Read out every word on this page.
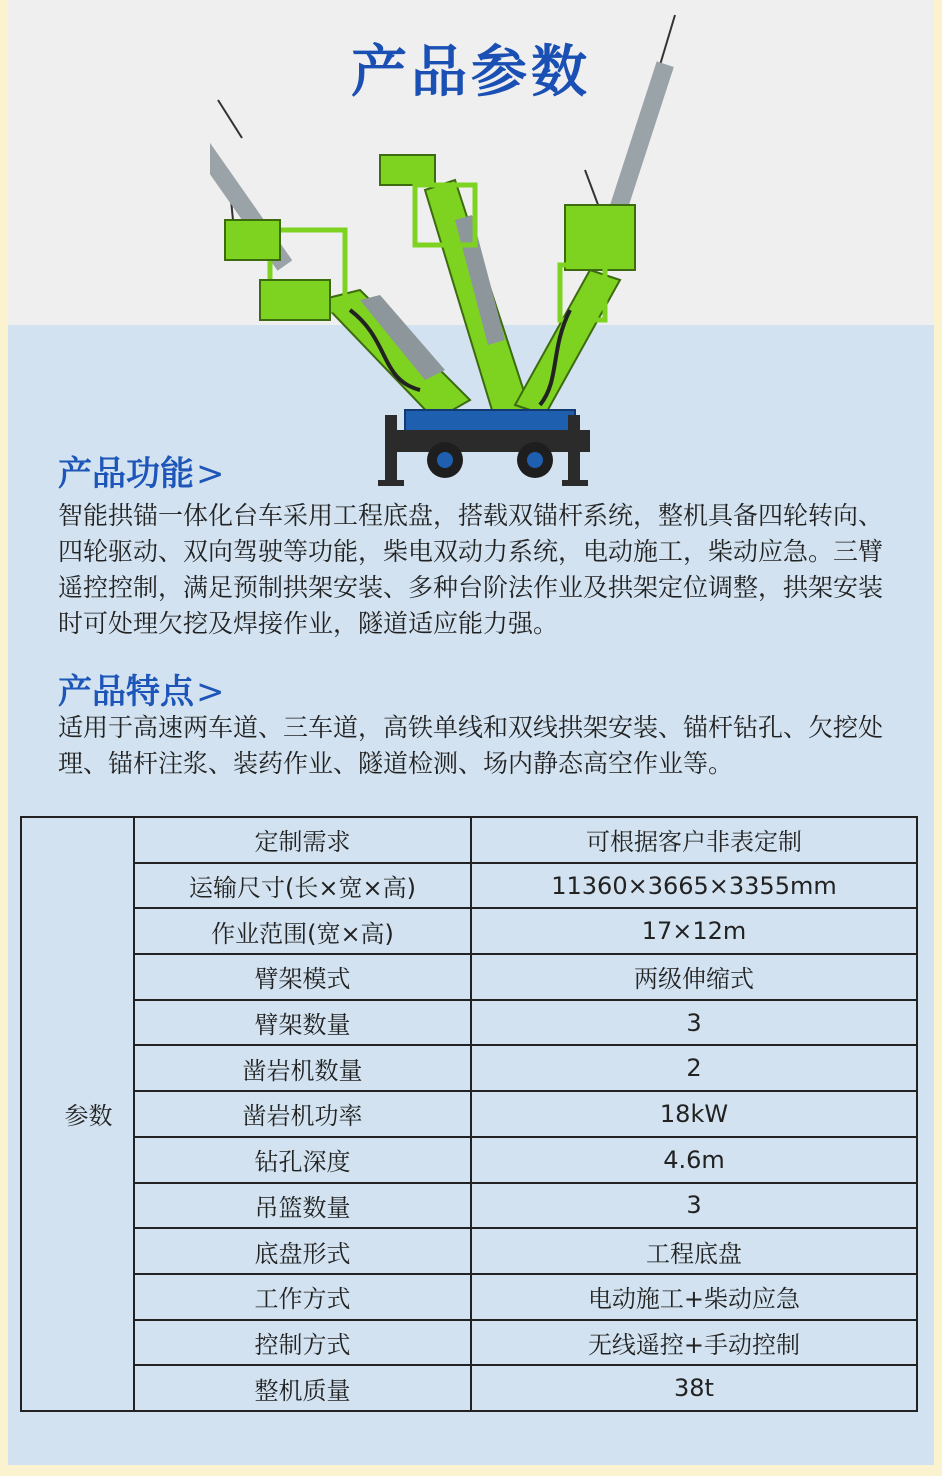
产品参数
产品功能>

智能拱锚一体化台车采用工程底盘，搭载双锚杆系统，整机具备四轮转向、四轮驱动、双向驾驶等功能，柴电双动力系统，电动施工，柴动应急。三臂遥控控制，满足预制拱架安装、多种台阶法作业及拱架定位调整，拱架安装时可处理欠挖及焊接作业，隧道适应能力强。

产品特点>

适用于高速两车道、三车道，高铁单线和双线拱架安装、锚杆钻孔、欠挖处理、锚杆注浆、装药作业、隧道检测、场内静态高空作业等。

参数	定制需求	可根据客户非表定制
	运输尺寸(长×宽×高)	11360×3665×3355mm
	作业范围(宽×高)	17×12m
	臂架模式	两级伸缩式
	臂架数量	3
	凿岩机数量	2
	凿岩机功率	18kW
	钻孔深度	4.6m
	吊篮数量	3
	底盘形式	工程底盘
	工作方式	电动施工+柴动应急
	控制方式	无线遥控+手动控制
	整机质量	38t
